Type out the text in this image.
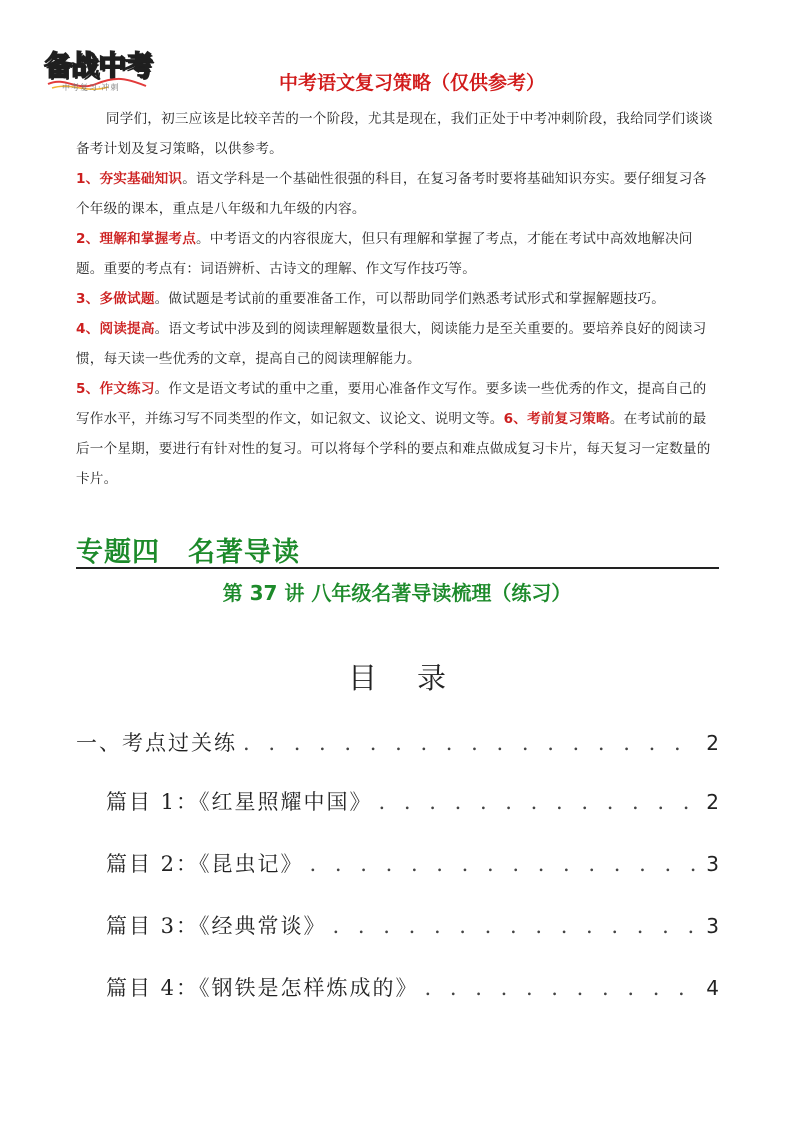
备战中考
中考复习·冲刺	中考语文复习策略（仅供参考）

同学们，初三应该是比较辛苦的一个阶段，尤其是现在，我们正处于中考冲刺阶段，我给同学们谈谈备考计划及复习策略，以供参考。

1、夯实基础知识。语文学科是一个基础性很强的科目，在复习备考时要将基础知识夯实。要仔细复习各个年级的课本，重点是八年级和九年级的内容。

2、理解和掌握考点。中考语文的内容很庞大，但只有理解和掌握了考点，才能在考试中高效地解决问题。重要的考点有：词语辨析、古诗文的理解、作文写作技巧等。

3、多做试题。做试题是考试前的重要准备工作，可以帮助同学们熟悉考试形式和掌握解题技巧。

4、阅读提高。语文考试中涉及到的阅读理解题数量很大，阅读能力是至关重要的。要培养良好的阅读习惯，每天读一些优秀的文章，提高自己的阅读理解能力。

5、作文练习。作文是语文考试的重中之重，要用心准备作文写作。要多读一些优秀的作文，提高自己的写作水平，并练习写不同类型的作文，如记叙文、议论文、说明文等。6、考前复习策略。在考试前的最后一个星期，要进行有针对性的复习。可以将每个学科的要点和难点做成复习卡片，每天复习一定数量的卡片。

专题四　名著导读
第 37 讲 八年级名著导读梳理（练习）
目录
一、考点过关练 . . .	2
篇目 1：《红星照耀中国》 . . .	2
篇目 2：《昆虫记》 . . .	3
篇目 3：《经典常谈》 . . .	3
篇目 4：《钢铁是怎样炼成的》 . . .	4
